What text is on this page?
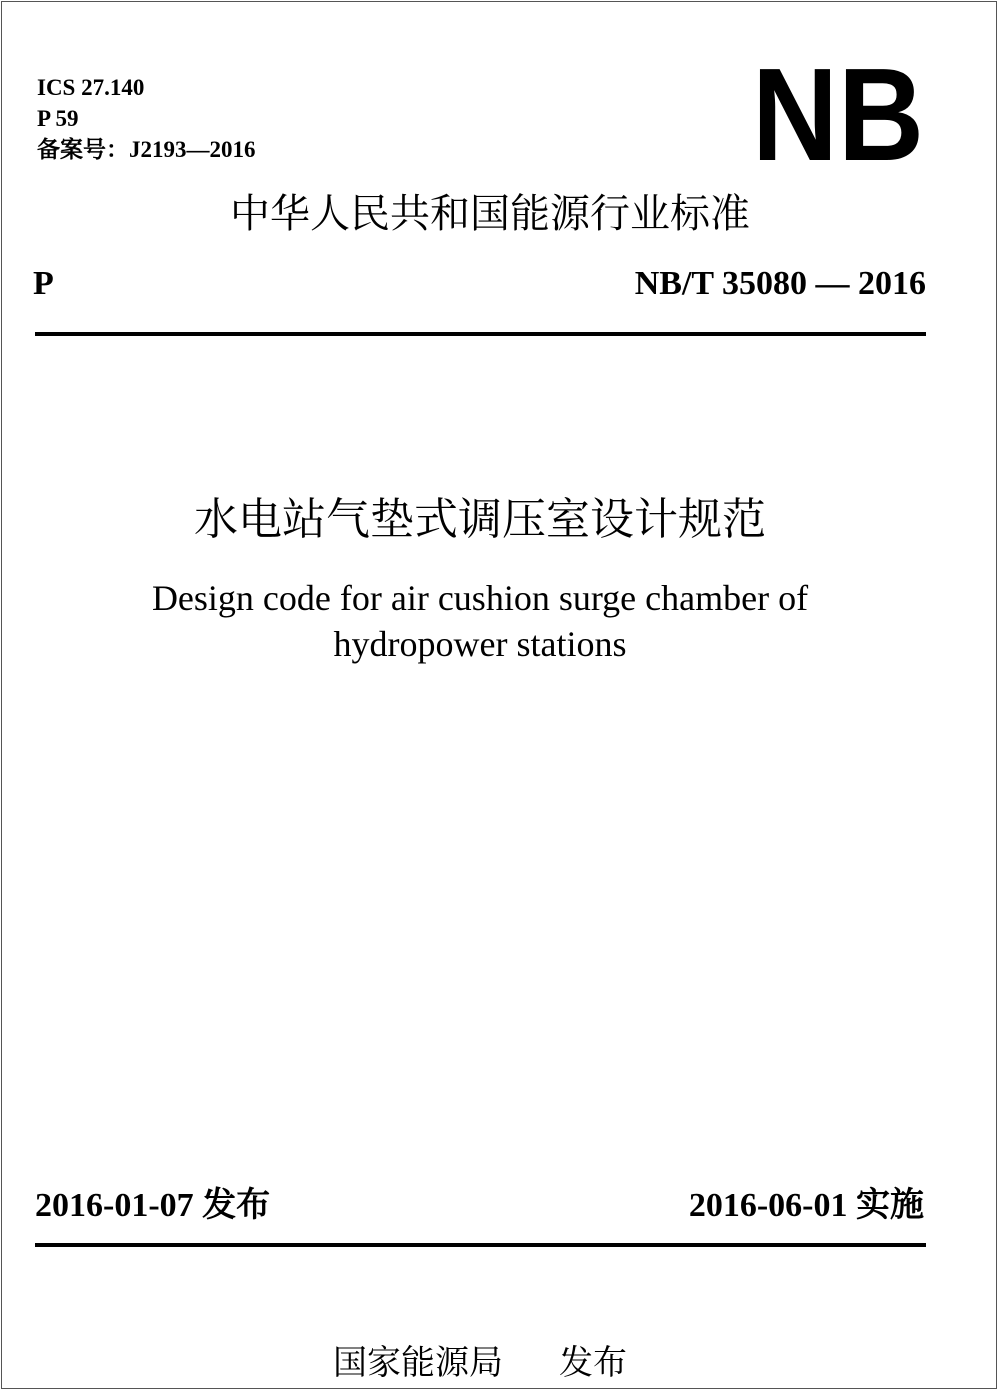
ICS 27.140
P 59
备案号：J2193—2016	NB
中华人民共和国能源行业标准
P	NB/T 35080 — 2016
水电站气垫式调压室设计规范
Design code for air cushion surge chamber of
hydropower stations
2016-01-07 发布	2016-06-01 实施
国家能源局 发布
